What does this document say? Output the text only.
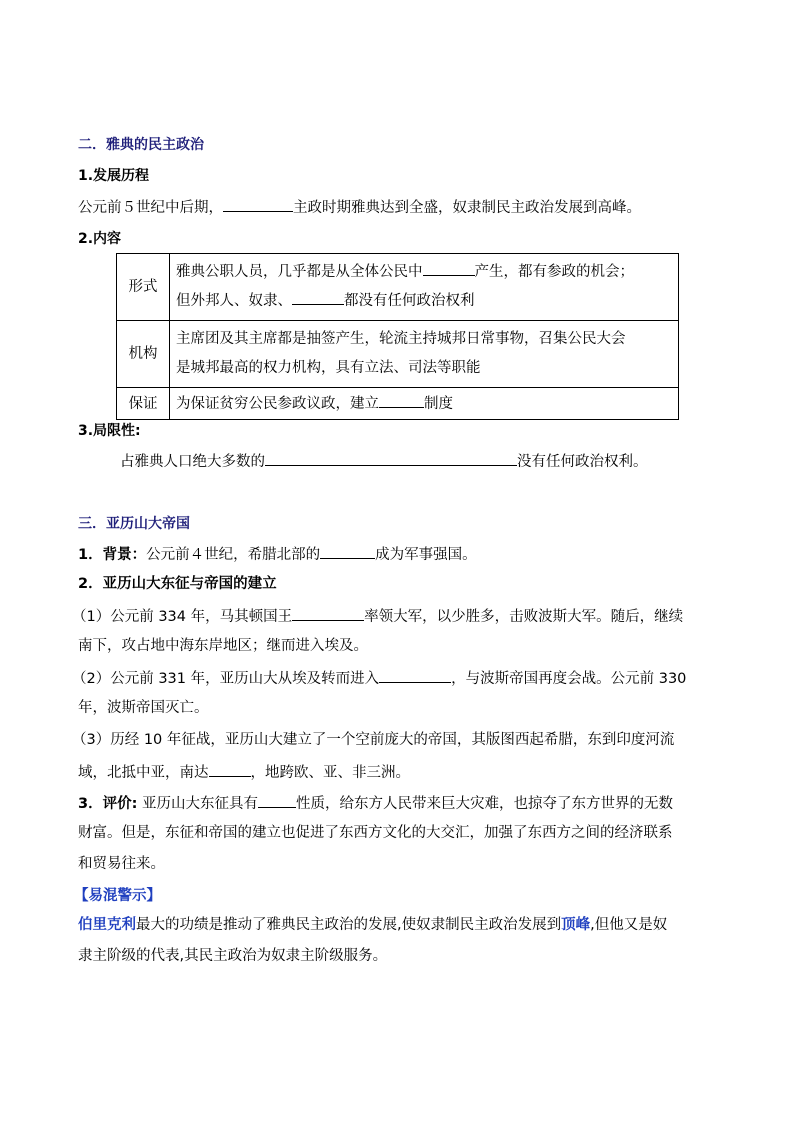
二．雅典的民主政治
1.发展历程
公元前５世纪中后期，	主政时期雅典达到全盛，奴隶制民主政治发展到高峰。
2.内容
形式	雅典公职人员，几乎都是从全体公民中 产生，都有参政的机会；
但外邦人、奴隶、 都没有任何政治权利

机构	主席团及其主席都是抽签产生，轮流主持城邦日常事物，召集公民大会
是城邦最高的权力机构，具有立法、司法等职能

保证	为保证贫穷公民参政议政，建立 制度
3.局限性:
占雅典人口绝大多数的	没有任何政治权利。
三．亚历山大帝国
1．背景：公元前４世纪，希腊北部的	成为军事强国。
2．亚历山大东征与帝国的建立
（1）公元前 334 年，马其顿国王	率领大军，以少胜多，击败波斯大军。随后，继续
南下，攻占地中海东岸地区；继而进入埃及。
（2）公元前 331 年，亚历山大从埃及转而进入	，与波斯帝国再度会战。公元前 330
年，波斯帝国灭亡。
（3）历经 10 年征战，亚历山大建立了一个空前庞大的帝国，其版图西起希腊，东到印度河流
域，北抵中亚，南达	，地跨欧、亚、非三洲。
3．评价: 亚历山大东征具有	性质，给东方人民带来巨大灾难，也掠夺了东方世界的无数
财富。但是，东征和帝国的建立也促进了东西方文化的大交汇，加强了东西方之间的经济联系
和贸易往来。
【易混警示】
伯里克利最大的功绩是推动了雅典民主政治的发展,使奴隶制民主政治发展到顶峰,但他又是奴
隶主阶级的代表,其民主政治为奴隶主阶级服务。
